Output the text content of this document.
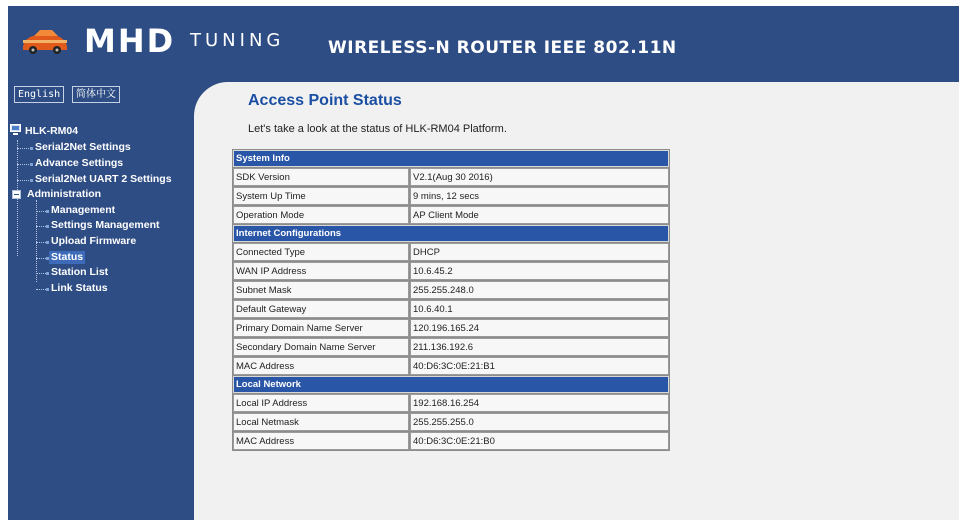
MHD TUNING	WIRELESS-N ROUTER IEEE 802.11N
English	简体中文
HLK-RM04
Serial2Net Settings
Advance Settings
Serial2Net UART 2 Settings
Administration
Management
Settings Management
Upload Firmware
Status
Station List
Link Status
Access Point Status
Let's take a look at the status of HLK-RM04 Platform.
System Info	
SDK Version	V2.1(Aug 30 2016)
System Up Time	9 mins, 12 secs
Operation Mode	AP Client Mode
Internet Configurations	
Connected Type	DHCP
WAN IP Address	10.6.45.2
Subnet Mask	255.255.248.0
Default Gateway	10.6.40.1
Primary Domain Name Server	120.196.165.24
Secondary Domain Name Server	211.136.192.6
MAC Address	40:D6:3C:0E:21:B1
Local Network	
Local IP Address	192.168.16.254
Local Netmask	255.255.255.0
MAC Address	40:D6:3C:0E:21:B0
